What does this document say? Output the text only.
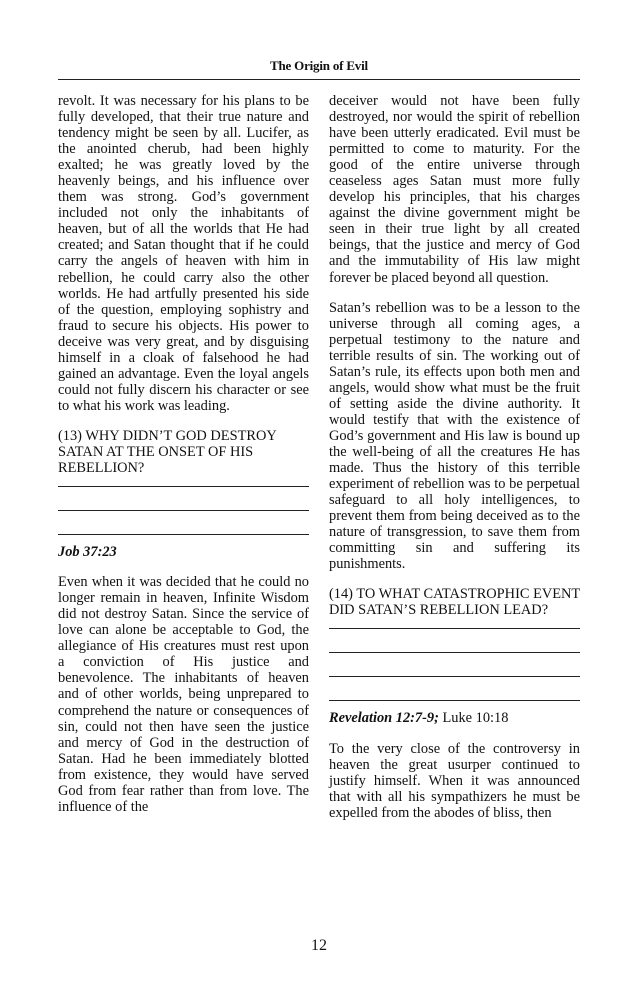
The Origin of Evil

revolt. It was necessary for his plans to be fully developed, that their true nature and tendency might be seen by all. Lucifer, as the anointed cherub, had been highly exalted; he was greatly loved by the heavenly beings, and his influence over them was strong. God’s government included not only the inhabitants of heaven, but of all the worlds that He had created; and Satan thought that if he could carry the angels of heaven with him in rebellion, he could carry also the other worlds. He had artfully presented his side of the question, employing sophistry and fraud to secure his objects. His power to deceive was very great, and by disguising himself in a cloak of falsehood he had gained an advantage. Even the loyal angels could not fully discern his character or see to what his work was leading.

(13) WHY DIDN’T GOD DESTROY SATAN AT THE ONSET OF HIS REBELLION?

Job 37:23

Even when it was decided that he could no longer remain in heaven, Infinite Wisdom did not destroy Satan. Since the service of love can alone be acceptable to God, the allegiance of His creatures must rest upon a conviction of His justice and benevolence. The inhabitants of heaven and of other worlds, being unprepared to comprehend the nature or consequences of sin, could not then have seen the justice and mercy of God in the destruction of Satan. Had he been immediately blotted from existence, they would have served God from fear rather than from love. The influence of the

deceiver would not have been fully destroyed, nor would the spirit of rebellion have been utterly eradicated. Evil must be permitted to come to maturity. For the good of the entire universe through ceaseless ages Satan must more fully develop his principles, that his charges against the divine government might be seen in their true light by all created beings, that the justice and mercy of God and the immutability of His law might forever be placed beyond all question.

Satan’s rebellion was to be a lesson to the universe through all coming ages, a perpetual testimony to the nature and terrible results of sin. The working out of Satan’s rule, its effects upon both men and angels, would show what must be the fruit of setting aside the divine authority. It would testify that with the existence of God’s government and His law is bound up the well-being of all the creatures He has made. Thus the history of this terrible experiment of rebellion was to be perpetual safeguard to all holy intelligences, to prevent them from being deceived as to the nature of transgression, to save them from committing sin and suffering its punishments.

(14) TO WHAT CATASTROPHIC EVENT DID SATAN’S REBELLION LEAD?

Revelation 12:7-9; Luke 10:18

To the very close of the controversy in heaven the great usurper continued to justify himself. When it was announced that with all his sympathizers he must be expelled from the abodes of bliss, then

12
